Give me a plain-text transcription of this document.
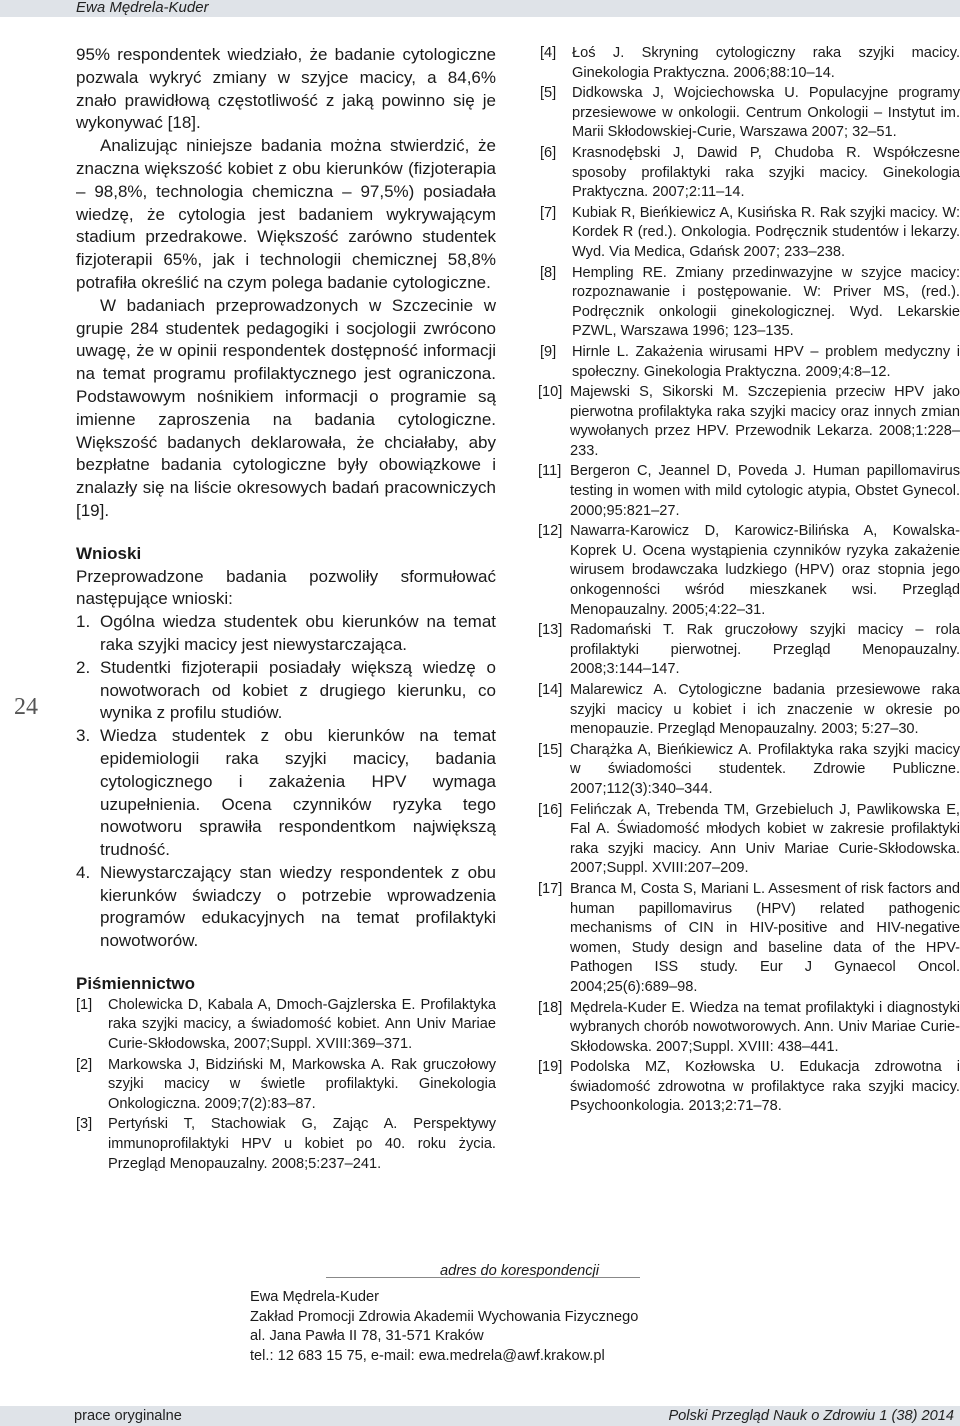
Ewa Mędrela-Kuder
24

95% respondentek wiedziało, że badanie cytologiczne pozwala wykryć zmiany w szyjce macicy, a 84,6% znało prawidłową częstotliwość z jaką powinno się je wykonywać [18].

Analizując niniejsze badania można stwierdzić, że znaczna większość kobiet z obu kierunków (fizjoterapia – 98,8%, technologia chemiczna – 97,5%) posiadała wiedzę, że cytologia jest badaniem wykrywającym stadium przedrakowe. Większość zarówno studentek fizjoterapii 65%, jak i technologii chemicznej 58,8% potrafiła określić na czym polega badanie cytologiczne.

W badaniach przeprowadzonych w Szczecinie w grupie 284 studentek pedagogiki i socjologii zwrócono uwagę, że w opinii respondentek dostępność informacji na temat programu profilaktycznego jest ograniczona. Podstawowym nośnikiem informacji o programie są imienne zaproszenia na badania cytologiczne. Większość badanych deklarowała, że chciałaby, aby bezpłatne badania cytologiczne były obowiązkowe i znalazły się na liście okresowych badań pracowniczych [19].

Wnioski

Przeprowadzone badania pozwoliły sformułować następujące wnioski:

1. Ogólna wiedza studentek obu kierunków na temat raka szyjki macicy jest niewystarczająca.
2. Studentki fizjoterapii posiadały większą wiedzę o nowotworach od kobiet z drugiego kierunku, co wynika z profilu studiów.
3. Wiedza studentek z obu kierunków na temat epidemiologii raka szyjki macicy, badania cytologicznego i zakażenia HPV wymaga uzupełnienia. Ocena czynników ryzyka tego nowotworu sprawiła respondentkom największą trudność.
4. Niewystarczający stan wiedzy respondentek z obu kierunków świadczy o potrzebie wprowadzenia programów edukacyjnych na temat profilaktyki nowotworów.
Piśmiennictwo
[1] Cholewicka D, Kabala A, Dmoch-Gajzlerska E. Profilaktyka raka szyjki macicy, a świadomość kobiet. Ann Univ Mariae Curie-Skłodowska, 2007;Suppl. XVIII:369–371.
[2] Markowska J, Bidziński M, Markowska A. Rak gruczołowy szyjki macicy w świetle profilaktyki. Ginekologia Onkologiczna. 2009;7(2):83–87.
[3] Pertyński T, Stachowiak G, Zając A. Perspektywy immunoprofilaktyki HPV u kobiet po 40. roku życia. Przegląd Menopauzalny. 2008;5:237–241.
[4] Łoś J. Skryning cytologiczny raka szyjki macicy. Ginekologia Praktyczna. 2006;88:10–14.
[5] Didkowska J, Wojciechowska U. Populacyjne programy przesiewowe w onkologii. Centrum Onkologii – Instytut im. Marii Skłodowskiej-Curie, Warszawa 2007; 32–51.
[6] Krasnodębski J, Dawid P, Chudoba R. Współczesne sposoby profilaktyki raka szyjki macicy. Ginekologia Praktyczna. 2007;2:11–14.
[7] Kubiak R, Bieńkiewicz A, Kusińska R. Rak szyjki macicy. W: Kordek R (red.). Onkologia. Podręcznik studentów i lekarzy. Wyd. Via Medica, Gdańsk 2007; 233–238.
[8] Hempling RE. Zmiany przedinwazyjne w szyjce macicy: rozpoznawanie i postępowanie. W: Priver MS, (red.). Podręcznik onkologii ginekologicznej. Wyd. Lekarskie PZWL, Warszawa 1996; 123–135.
[9] Hirnle L. Zakażenia wirusami HPV – problem medyczny i społeczny. Ginekologia Praktyczna. 2009;4:8–12.
[10] Majewski S, Sikorski M. Szczepienia przeciw HPV jako pierwotna profilaktyka raka szyjki macicy oraz innych zmian wywołanych przez HPV. Przewodnik Lekarza. 2008;1:228–233.
[11] Bergeron C, Jeannel D, Poveda J. Human papillomavirus testing in women with mild cytologic atypia, Obstet Gynecol. 2000;95:821–27.
[12] Nawarra-Karowicz D, Karowicz-Bilińska A, Kowalska-Koprek U. Ocena wystąpienia czynników ryzyka zakażenie wirusem brodawczaka ludzkiego (HPV) oraz stopnia jego onkogenności wśród mieszkanek wsi. Przegląd Menopauzalny. 2005;4:22–31.
[13] Radomański T. Rak gruczołowy szyjki macicy – rola profilaktyki pierwotnej. Przegląd Menopauzalny. 2008;3:144–147.
[14] Malarewicz A. Cytologiczne badania przesiewowe raka szyjki macicy u kobiet i ich znaczenie w okresie po menopauzie. Przegląd Menopauzalny. 2003; 5:27–30.
[15] Charążka A, Bieńkiewicz A. Profilaktyka raka szyjki macicy w świadomości studentek. Zdrowie Publiczne. 2007;112(3):340–344.
[16] Felińczak A, Trebenda TM, Grzebieluch J, Pawlikowska E, Fal A. Świadomość młodych kobiet w zakresie profilaktyki raka szyjki macicy. Ann Univ Mariae Curie-Skłodowska. 2007;Suppl. XVIII:207–209.
[17] Branca M, Costa S, Mariani L. Assesment of risk factors and human papillomavirus (HPV) related pathogenic mechanisms of CIN in HIV-positive and HIV-negative women, Study design and baseline data of the HPV-Pathogen ISS study. Eur J Gynaecol Oncol. 2004;25(6):689–98.
[18] Mędrela-Kuder E. Wiedza na temat profilaktyki i diagnostyki wybranych chorób nowotworowych. Ann. Univ Mariae Curie-Skłodowska. 2007;Suppl. XVIII: 438–441.
[19] Podolska MZ, Kozłowska U. Edukacja zdrowotna i świadomość zdrowotna w profilaktyce raka szyjki macicy. Psychoonkologia. 2013;2:71–78.
adres do korespondencji
Ewa Mędrela-Kuder
Zakład Promocji Zdrowia Akademii Wychowania Fizycznego
al. Jana Pawła II 78, 31-571 Kraków
tel.: 12 683 15 75, e-mail: ewa.medrela@awf.krakow.pl
prace oryginalne	Polski Przegląd Nauk o Zdrowiu 1 (38) 2014
